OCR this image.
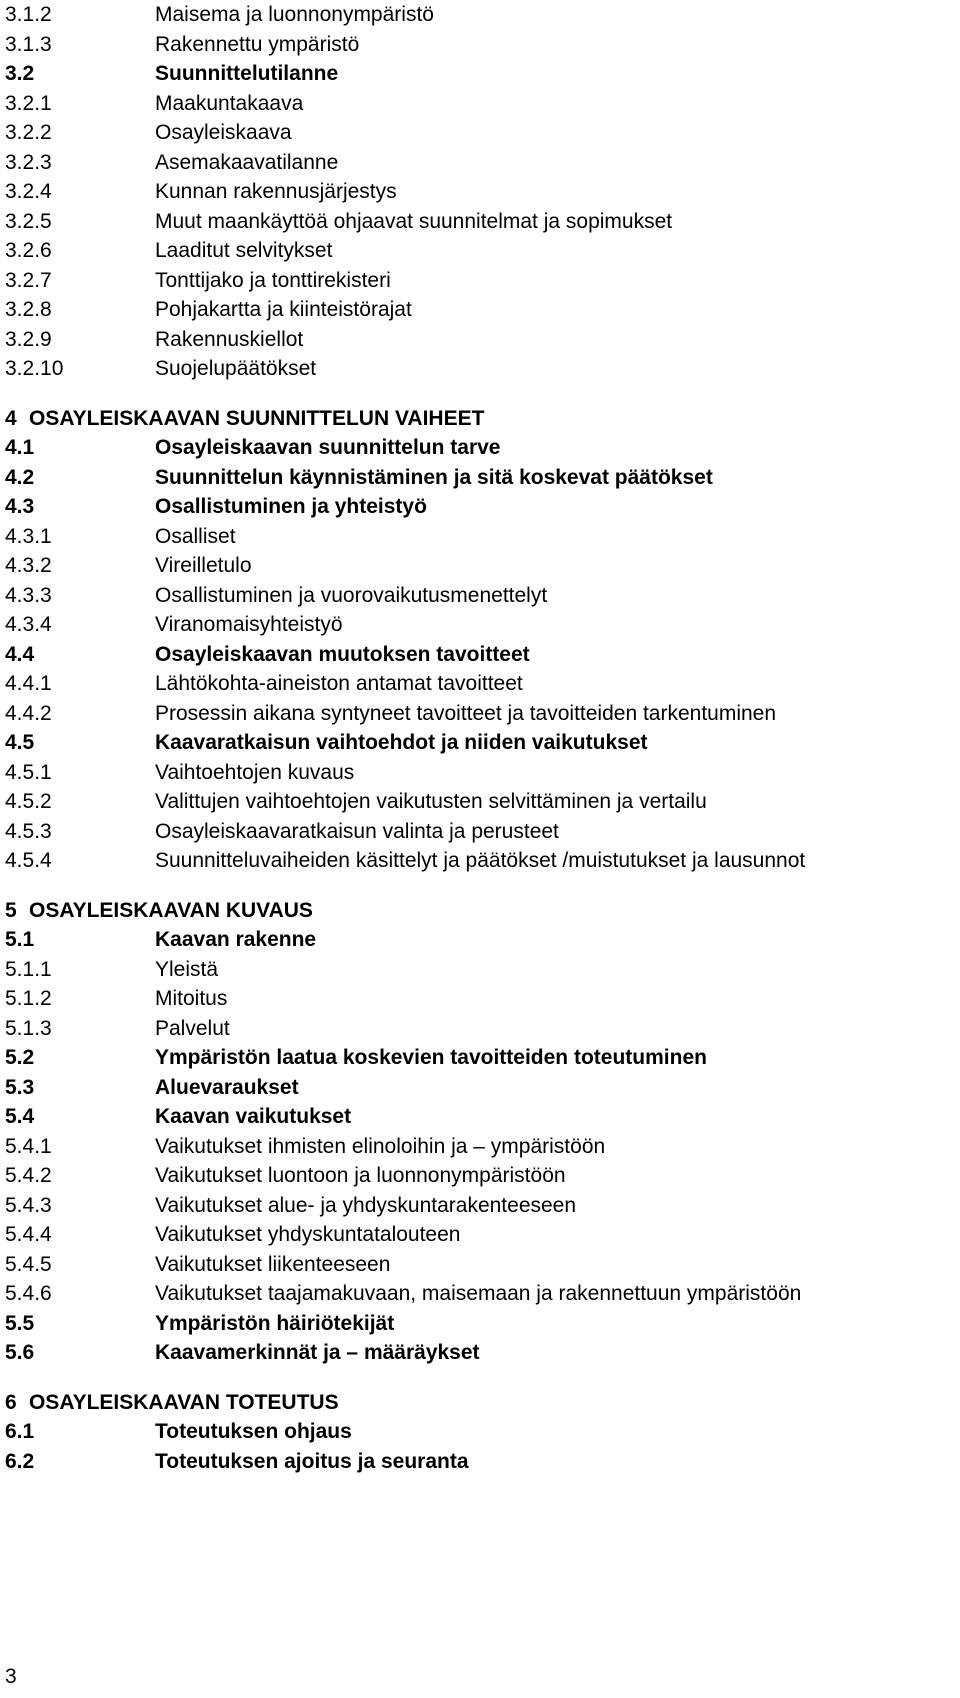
3.1.2	Maisema ja luonnonympäristö
3.1.3	Rakennettu ympäristö
3.2	Suunnittelutilanne
3.2.1	Maakuntakaava
3.2.2	Osayleiskaava
3.2.3	Asemakaavatilanne
3.2.4	Kunnan rakennusjärjestys
3.2.5	Muut maankäyttöä ohjaavat suunnitelmat ja sopimukset
3.2.6	Laaditut selvitykset
3.2.7	Tonttijako ja tonttirekisteri
3.2.8	Pohjakartta ja kiinteistörajat
3.2.9	Rakennuskiellot
3.2.10	Suojelupäätökset
4 OSAYLEISKAAVAN SUUNNITTELUN VAIHEET
4.1	Osayleiskaavan suunnittelun tarve
4.2	Suunnittelun käynnistäminen ja sitä koskevat päätökset
4.3	Osallistuminen ja yhteistyö
4.3.1	Osalliset
4.3.2	Vireilletulo
4.3.3	Osallistuminen ja vuorovaikutusmenettelyt
4.3.4	Viranomaisyhteistyö
4.4	Osayleiskaavan muutoksen tavoitteet
4.4.1	Lähtökohta-aineiston antamat tavoitteet
4.4.2	Prosessin aikana syntyneet tavoitteet ja tavoitteiden tarkentuminen
4.5	Kaavaratkaisun vaihtoehdot ja niiden vaikutukset
4.5.1	Vaihtoehtojen kuvaus
4.5.2	Valittujen vaihtoehtojen vaikutusten selvittäminen ja vertailu
4.5.3	Osayleiskaavaratkaisun valinta ja perusteet
4.5.4	Suunnitteluvaiheiden käsittelyt ja päätökset /muistutukset ja lausunnot
5 OSAYLEISKAAVAN KUVAUS
5.1	Kaavan rakenne
5.1.1	Yleistä
5.1.2	Mitoitus
5.1.3	Palvelut
5.2	Ympäristön laatua koskevien tavoitteiden toteutuminen
5.3	Aluevaraukset
5.4	Kaavan vaikutukset
5.4.1	Vaikutukset ihmisten elinoloihin ja – ympäristöön
5.4.2	Vaikutukset luontoon ja luonnonympäristöön
5.4.3	Vaikutukset alue- ja yhdyskuntarakenteeseen
5.4.4	Vaikutukset yhdyskuntatalouteen
5.4.5	Vaikutukset liikenteeseen
5.4.6	Vaikutukset taajamakuvaan, maisemaan ja rakennettuun ympäristöön
5.5	Ympäristön häiriötekijät
5.6	Kaavamerkinnät ja – määräykset
6 OSAYLEISKAAVAN TOTEUTUS
6.1	Toteutuksen ohjaus
6.2	Toteutuksen ajoitus ja seuranta
3
